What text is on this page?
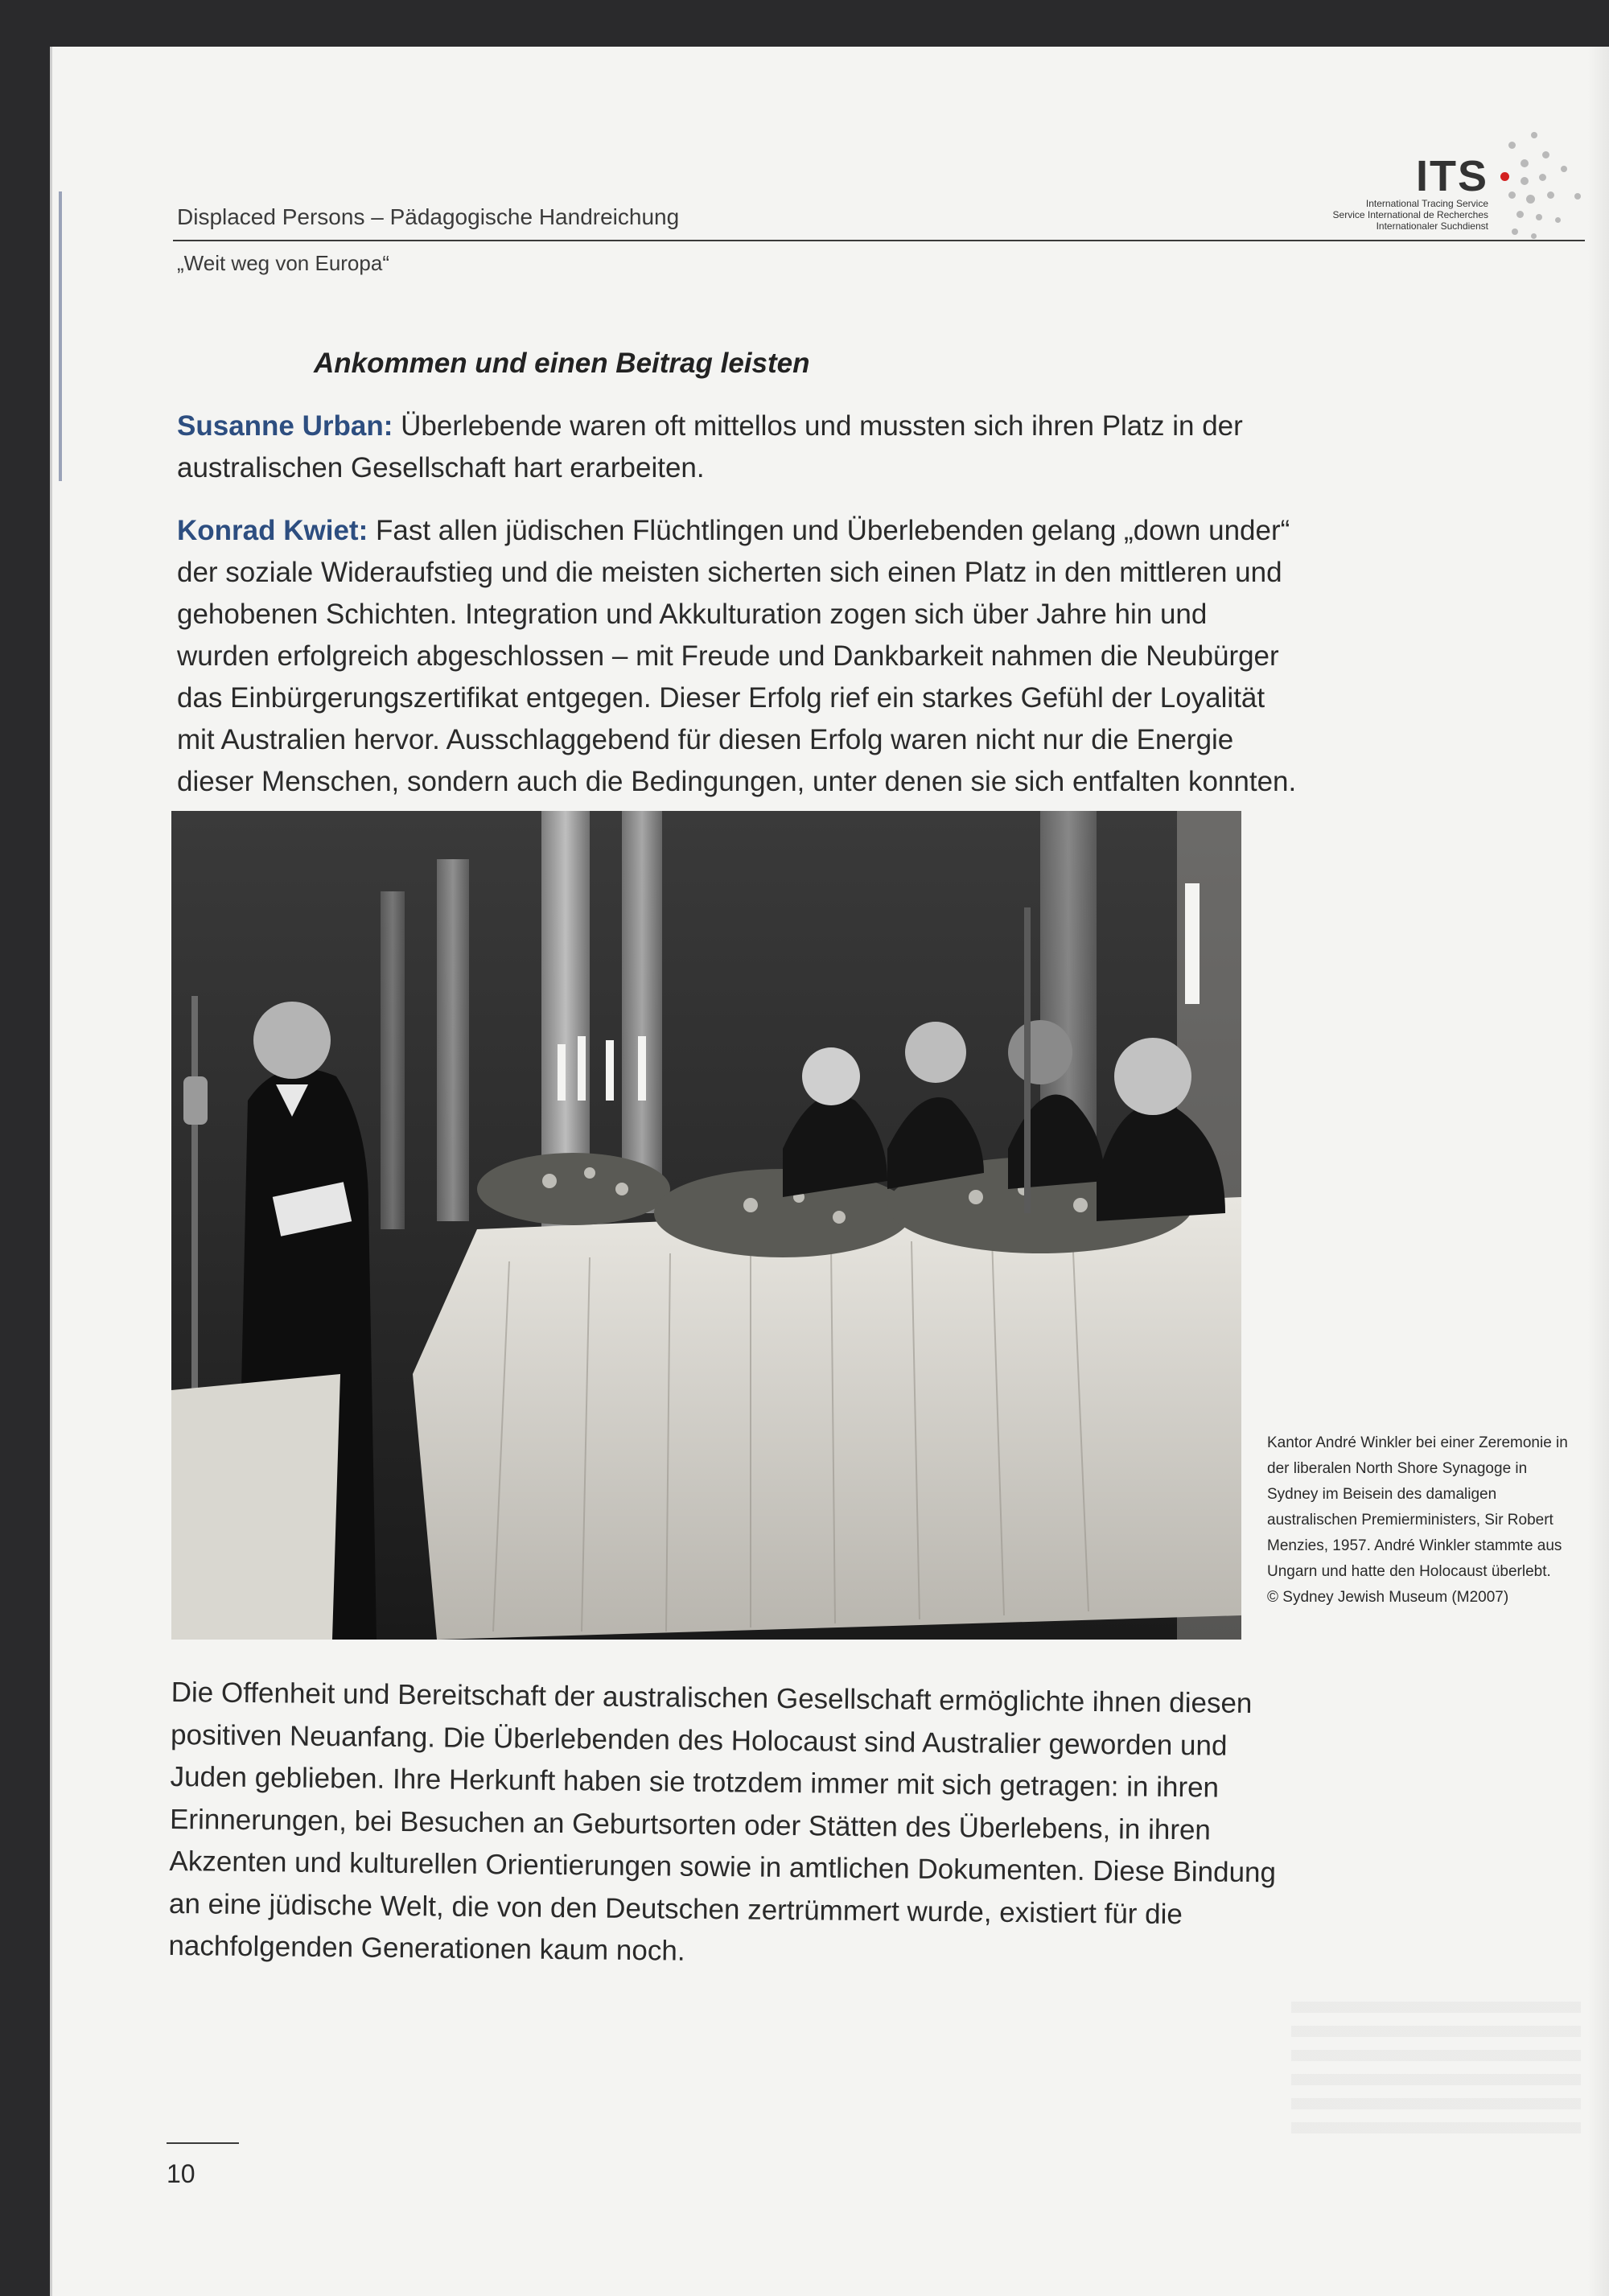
Displaced Persons – Pädagogische Handreichung
„Weit weg von Europa“
ITS
International Tracing Service
Service International de Recherches
Internationaler Suchdienst
Ankommen und einen Beitrag leisten
Susanne Urban: Überlebende waren oft mittellos und mussten sich ihren Platz in der australischen Gesellschaft hart erarbeiten.
Konrad Kwiet: Fast allen jüdischen Flüchtlingen und Überlebenden gelang „down under“ der soziale Wideraufstieg und die meisten sicherten sich einen Platz in den mittleren und gehobenen Schichten. Integration und Akkulturation zogen sich über Jahre hin und wurden erfolgreich abgeschlossen – mit Freude und Dankbarkeit nahmen die Neubürger das Einbürgerungszertifikat entgegen. Dieser Erfolg rief ein starkes Gefühl der Loyalität mit Australien hervor. Ausschlaggebend für diesen Erfolg waren nicht nur die Energie dieser Menschen, sondern auch die Bedingungen, unter denen sie sich entfalten konnten.
Kantor André Winkler bei einer Zeremonie in der liberalen North Shore Synagoge in Sydney im Beisein des damaligen australischen Premierministers, Sir Robert Menzies, 1957. André Winkler stammte aus Ungarn und hatte den Holocaust überlebt.
© Sydney Jewish Museum (M2007)
Die Offenheit und Bereitschaft der australischen Gesellschaft ermöglichte ihnen diesen positiven Neuanfang. Die Überlebenden des Holocaust sind Australier geworden und Juden geblieben. Ihre Herkunft haben sie trotzdem immer mit sich getragen: in ihren Erinnerungen, bei Besuchen an Geburtsorten oder Stätten des Überlebens, in ihren Akzenten und kulturellen Orientierungen sowie in amtlichen Dokumenten. Diese Bindung an eine jüdische Welt, die von den Deutschen zertrümmert wurde, existiert für die nachfolgenden Generationen kaum noch.
10
